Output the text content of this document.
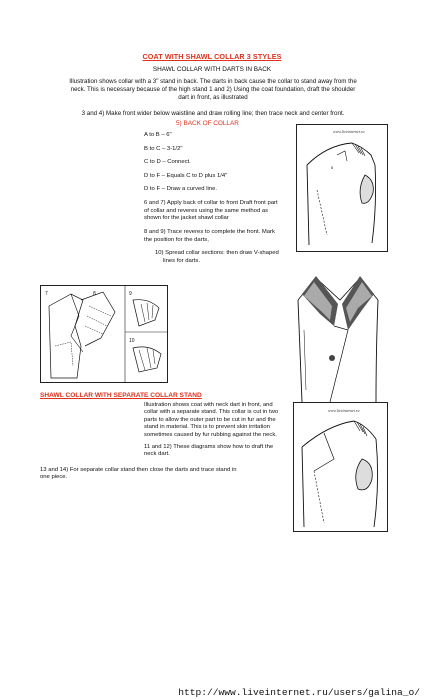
COAT WITH SHAWL COLLAR 3 STYLES
SHAWL COLLAR WITH DARTS IN BACK
Illustration shows collar with a 3" stand in back. The darts in back cause the collar to stand away from the
neck. This is necessary because of the high stand 1 and 2) Using the coat foundation, draft the shoulder
dart in front, as illustrated
3 and 4) Make front wider below waistline and draw rolling line; then trace neck and center front.
5) BACK OF COLLAR
A to B – 6"
B to C – 3-1/2"
C to D – Connect.
D to F – Equals C to D plus 1/4"
D to F – Draw a curved line.
6 and 7) Apply back of collar to front Draft front part
of collar and reveres using the same method as
shown for the jacket shawl collar
8 and 9) Trace reveres to complete the front. Mark
the position for the darts,
10) Spread collar sections: then draw V-shaped
lines for darts.
www.liveinternet.ru
5
7	8	9
10
SHAWL COLLAR WITH SEPARATE COLLAR STAND
Illustration shows coat with neck dart in front, and
collar with a separate stand. This collar is cut in two
parts to allow the outer part to be cut in fur and the
stand in material. This is to prevent skin irritation
sometimes caused by fur rubbing against the neck.
11 and 12) These diagrams show how to draft the
neck dart.
13 and 14) For separate collar stand then close the darts and trace stand in
one piece.
www.liveinternet.ru
http://www.liveinternet.ru/users/galina_o/
